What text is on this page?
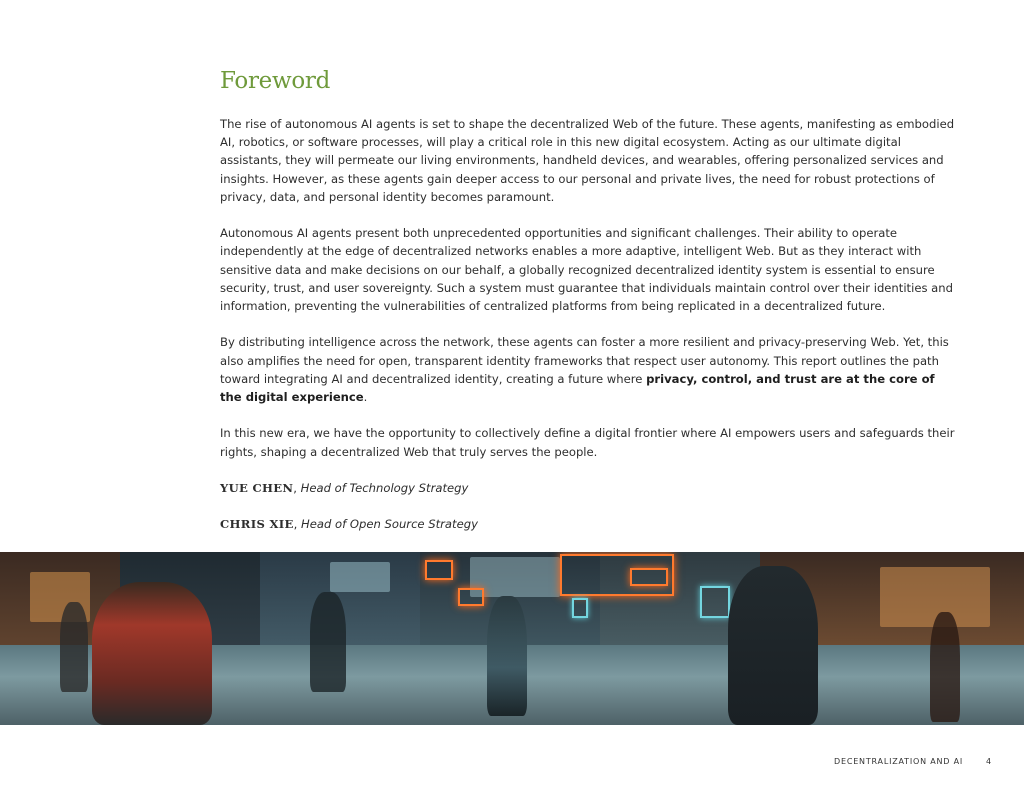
Foreword

The rise of autonomous AI agents is set to shape the decentralized Web of the future. These agents, manifesting as embodied AI, robotics, or software processes, will play a critical role in this new digital ecosystem. Acting as our ultimate digital assistants, they will permeate our living environments, handheld devices, and wearables, offering personalized services and insights. However, as these agents gain deeper access to our personal and private lives, the need for robust protections of privacy, data, and personal identity becomes paramount.

Autonomous AI agents present both unprecedented opportunities and significant challenges. Their ability to operate independently at the edge of decentralized networks enables a more adaptive, intelligent Web. But as they interact with sensitive data and make decisions on our behalf, a globally recognized decentralized identity system is essential to ensure security, trust, and user sovereignty. Such a system must guarantee that individuals maintain control over their identities and information, preventing the vulnerabilities of centralized platforms from being replicated in a decentralized future.

By distributing intelligence across the network, these agents can foster a more resilient and privacy-preserving Web. Yet, this also amplifies the need for open, transparent identity frameworks that respect user autonomy. This report outlines the path toward integrating AI and decentralized identity, creating a future where privacy, control, and trust are at the core of the digital experience.

In this new era, we have the opportunity to collectively define a digital frontier where AI empowers users and safeguards their rights, shaping a decentralized Web that truly serves the people.

YUE CHEN, Head of Technology Strategy

CHRIS XIE, Head of Open Source Strategy

DECENTRALIZATION AND AI	4
